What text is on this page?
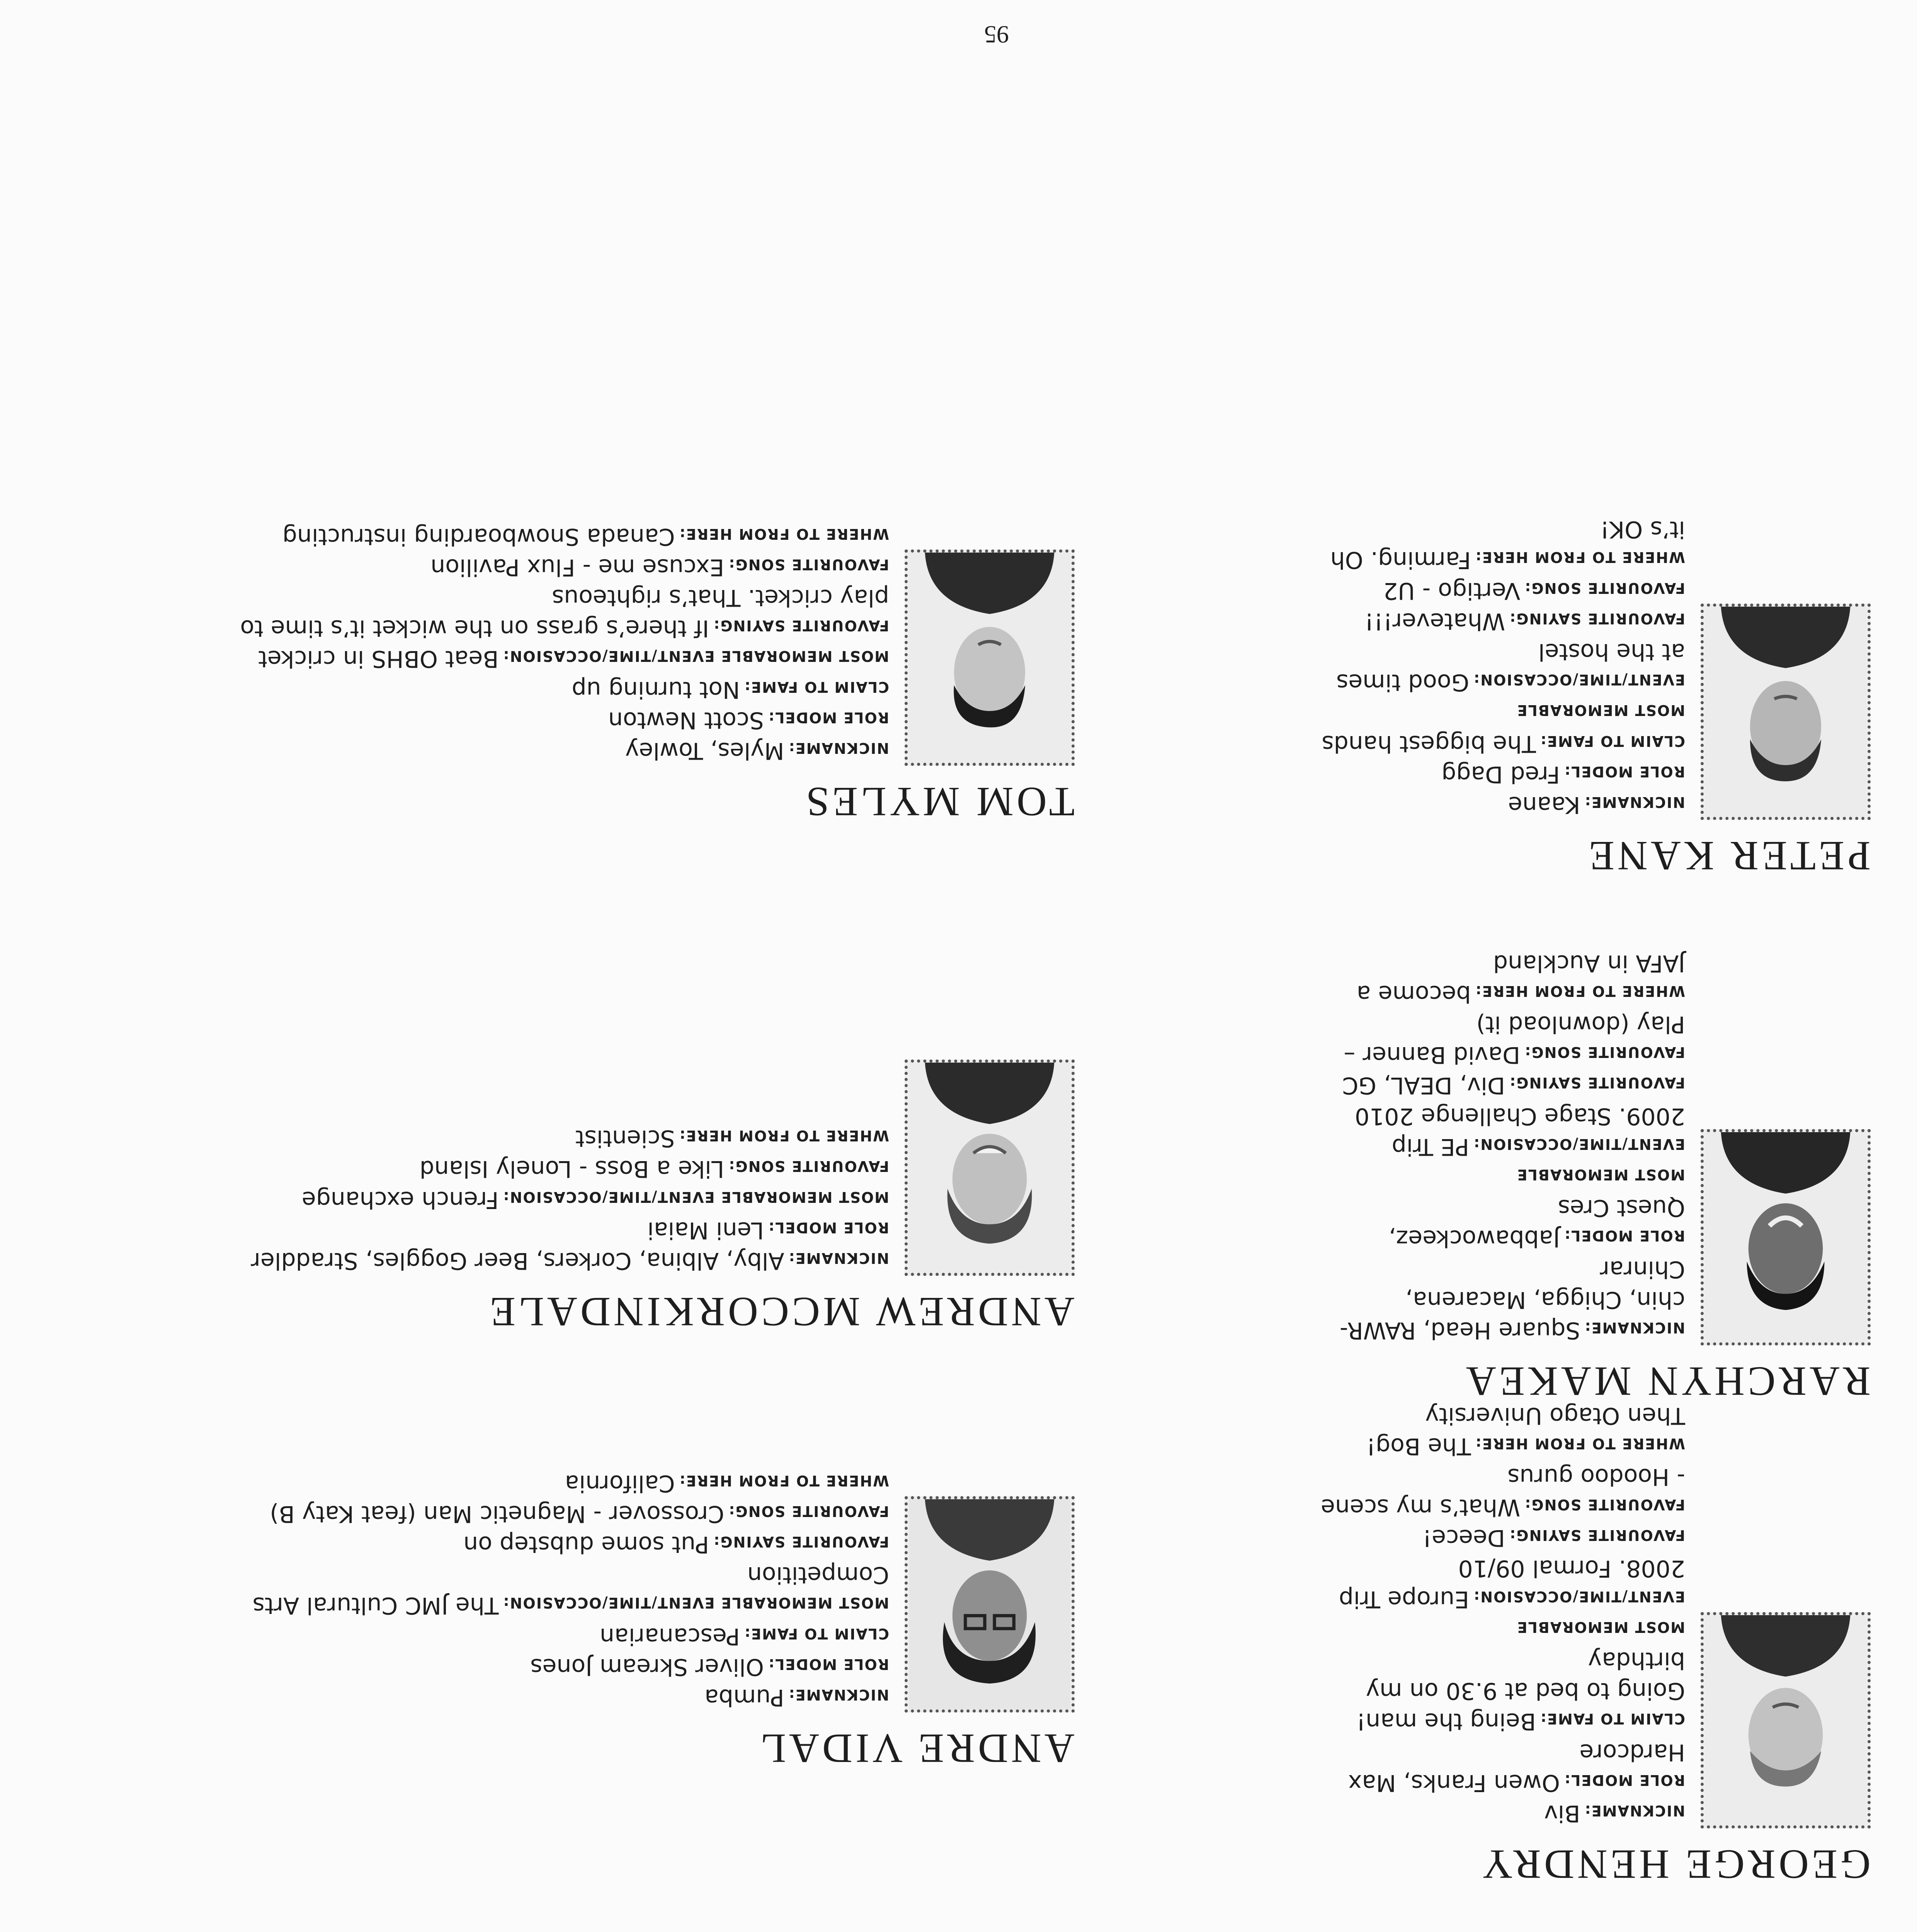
GEORGE HENDRY

NICKNAME:Biv

ROLE MODEL:Owen Franks, Max Hardcore

CLAIM TO FAME:Being the man! Going to bed at 9.30 on my birthday

MOST MEMORABLE EVENT/TIME/OCCASION:Europe Trip 2008. Formal 09/10

FAVOURITE SAYING:Deece!

FAVOURITE SONG:What’s my scene - Hoodoo gurus

WHERE TO FROM HERE:The Bog! Then Otago University

ANDRE VIDAL

NICKNAME:Pumba

ROLE MODEL:Oliver Skream Jones

CLAIM TO FAME:Pescanarian

MOST MEMORABLE EVENT/TIME/OCCASION:The JMC Cultural Arts Competition

FAVOURITE SAYING:Put some dubstep on

FAVOURITE SONG:Crossover - Magnetic Man (feat Katy B)

WHERE TO FROM HERE:California

RARCHYN MAKEA

NICKNAME:Square Head, RAWR-chin, Chigga, Macarena, Chinrar

ROLE MODEL:Jabbawockeez, Quest Cres

MOST MEMORABLE EVENT/TIME/OCCASION:PE Trip 2009. Stage Challenge 2010

FAVOURITE SAYING:Div, DEAL, GC

FAVOURITE SONG:David Banner – Play (download it)

WHERE TO FROM HERE:become a JAFA in Auckland

ANDREW MCCORKINDALE

NICKNAME:Alby, Albina, Corkers, Beer Goggles, Straddler

ROLE MODEL:Leni Maiai

MOST MEMORABLE EVENT/TIME/OCCASION:French exchange

FAVOURITE SONG:Like a Boss - Lonely Island

WHERE TO FROM HERE:Scientist

PETER KANE

NICKNAME:Kaane

ROLE MODEL:Fred Dagg

CLAIM TO FAME:The biggest hands

MOST MEMORABLE EVENT/TIME/OCCASION:Good times at the hostel

FAVOURITE SAYING:Whatever!!!

FAVOURITE SONG:Vertigo - U2

WHERE TO FROM HERE:Farming. Oh it’s OK!

TOM MYLES

NICKNAME:Myles, Towley

ROLE MODEL:Scott Newton

CLAIM TO FAME:Not turning up

MOST MEMORABLE EVENT/TIME/OCCASION:Beat OBHS in cricket

FAVOURITE SAYING:If there’s grass on the wicket it’s time to play cricket. That’s righteous

FAVOURITE SONG:Excuse me - Flux Pavilion

WHERE TO FROM HERE:Canada Snowboarding instructing

95
